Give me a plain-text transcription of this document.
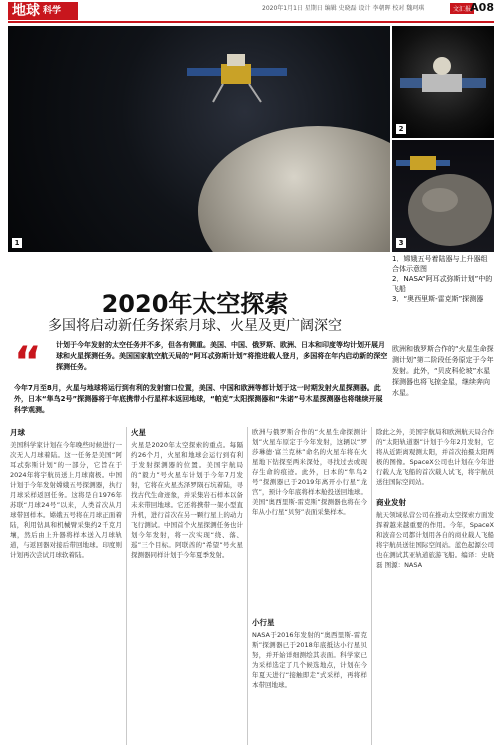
地球 科学	2020年1月1日 星期日 编辑 史晓磊 设计 李朝晖 校对 魏珂琪	文汇报 A08
1
2
3
1．嫦娥五号着陆器与上升器组合体示意图
2．NASA“阿耳忒弥斯计划”中的飞船
3．“奥西里斯-雷克斯”探测器
2020年太空探索
多国将启动新任务探索月球、火星及更广阔深空
“ 计划于今年发射的太空任务并不多，但各有侧重。美国、中国、俄罗斯、欧洲、日本和印度等均计划开展月球和火星探测任务。美国国家航空航天局的“阿耳忒弥斯计划”将推进载人登月，多国将在年内启动新的深空探测任务。
今年7月至8月，火星与地球将运行到有利的发射窗口位置，美国、中国和欧洲等都计划于这一时期发射火星探测器。此外，日本“隼鸟2号”探测器将于年底携带小行星样本返回地球，“帕克”太阳探测器和“朱诺”号木星探测器也将继续开展科学观测。
欧洲和俄罗斯合作的“火星生命探测计划”第二阶段任务原定于今年发射。此外，“贝皮科伦坡”水星探测器也将飞掠金星，继续奔向水星。
月球
美国科学家计划在今年晚些时候进行一次无人月球着陆。这一任务是美国“阿耳忒弥斯计划”的一部分，它旨在于2024年将宇航员送上月球南极。中国计划于今年发射嫦娥五号探测器，执行月球采样返回任务。这将是自1976年苏联“月球24号”以来，人类首次从月球带回样本。嫦娥五号将在月球正面着陆，利用钻具和机械臂采集约2千克月壤，然后由上升器将样本送入月球轨道，与返回器对接后带回地球。印度则计划再次尝试月球软着陆。
火星
火星是2020年太空探索的重点。每隔约26个月，火星和地球会运行到有利于发射探测器的位置。美国宇航局的“毅力”号火星车计划于今年7月发射，它将在火星杰泽罗陨石坑着陆，寻找古代生命迹象，并采集岩石样本以备未来带回地球。它还将携带一架小型直升机，进行首次在另一颗行星上的动力飞行测试。中国首个火星探测任务也计划今年发射，将一次实现“绕、落、巡”三个目标。阿联酋的“希望”号火星探测器同样计划于今年夏季发射。
欧洲与俄罗斯合作的“火星生命探测计划”火星车原定于今年发射，这辆以“罗莎琳德·富兰克林”命名的火星车将在火星地下钻探至两米深处，寻找过去或现存生命的痕迹。此外，日本的“隼鸟2号”探测器已于2019年离开小行星“龙宫”，预计今年底将样本舱投送回地球。美国“奥西里斯-雷克斯”探测器也将在今年从小行星“贝努”表面采集样本。
小行星
NASA于2016年发射的“奥西里斯-雷克斯”探测器已于2018年底抵达小行星贝努，并开始详细测绘其表面。科学家已为采样选定了几个候选地点，计划在今年夏天进行“接触即走”式采样，再将样本带回地球。
除此之外，美国宇航局和欧洲航天局合作的“太阳轨道器”计划于今年2月发射，它将从近距离观测太阳，并首次拍摄太阳两极的图像。SpaceX公司也计划在今年进行载人龙飞船的首次载人试飞，将宇航员送往国际空间站。
商业发射
航天领域私营公司在推动太空探索方面发挥着越来越重要的作用。今年，SpaceX和波音公司都计划用各自的商业载人飞船将宇航员送往国际空间站。蓝色起源公司也在测试其亚轨道旅游飞船。编译：史晓磊 图源：NASA
